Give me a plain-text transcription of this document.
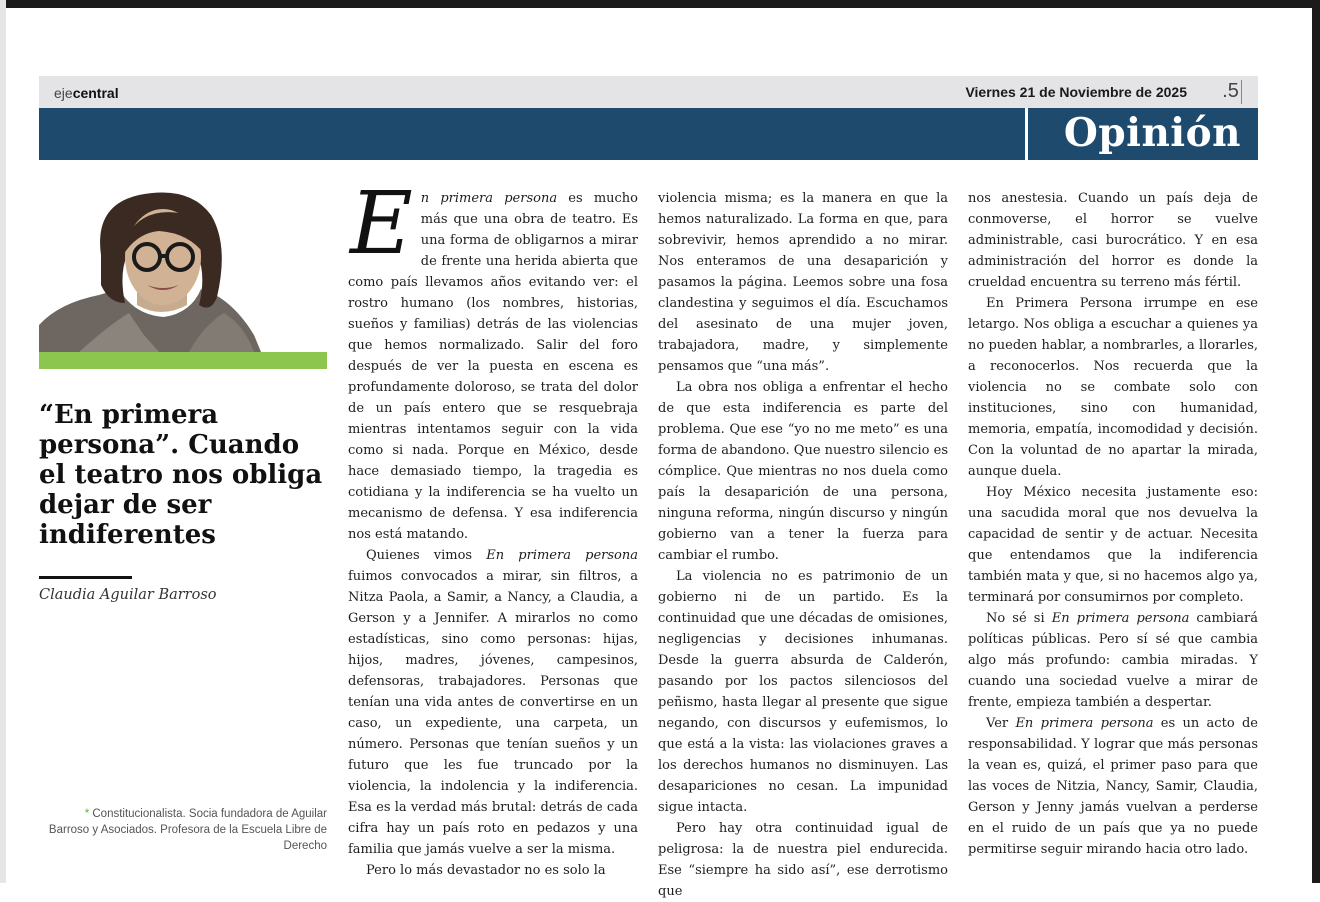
ejecentral	Viernes 21 de Noviembre de 2025	.5
Opinión
“En primera persona”. Cuando el teatro nos obliga dejar de ser indiferentes
Claudia Aguilar Barroso
* Constitucionalista. Socia fundadora de Aguilar Barroso y Asociados. Profesora de la Escuela Libre de Derecho

En primera persona es mucho más que una obra de teatro. Es una forma de obligarnos a mirar de frente una herida abierta que como país llevamos años evitando ver: el rostro humano (los nombres, historias, sueños y familias) detrás de las violencias que hemos normalizado. Salir del foro después de ver la puesta en escena es profundamente doloroso, se trata del dolor de un país entero que se resquebraja mientras intentamos seguir con la vida como si nada. Porque en México, desde hace demasiado tiempo, la tragedia es cotidiana y la indiferencia se ha vuelto un mecanismo de defensa. Y esa indiferencia nos está matando.

Quienes vimos En primera persona fuimos convocados a mirar, sin filtros, a Nitza Paola, a Samir, a Nancy, a Claudia, a Gerson y a Jennifer. A mirarlos no como estadísticas, sino como personas: hijas, hijos, madres, jóvenes, campesinos, defensoras, trabajadores. Personas que tenían una vida antes de convertirse en un caso, un expediente, una carpeta, un número. Personas que tenían sueños y un futuro que les fue truncado por la violencia, la indolencia y la indiferencia. Esa es la verdad más brutal: detrás de cada cifra hay un país roto en pedazos y una familia que jamás vuelve a ser la misma.

Pero lo más devastador no es solo la

violencia misma; es la manera en que la hemos naturalizado. La forma en que, para sobrevivir, hemos aprendido a no mirar. Nos enteramos de una desaparición y pasamos la página. Leemos sobre una fosa clandestina y seguimos el día. Escuchamos del asesinato de una mujer joven, trabajadora, madre, y simplemente pensamos que “una más”.

La obra nos obliga a enfrentar el hecho de que esta indiferencia es parte del problema. Que ese “yo no me meto” es una forma de abandono. Que nuestro silencio es cómplice. Que mientras no nos duela como país la desaparición de una persona, ninguna reforma, ningún discurso y ningún gobierno van a tener la fuerza para cambiar el rumbo.

La violencia no es patrimonio de un gobierno ni de un partido. Es la continuidad que une décadas de omisiones, negligencias y decisiones inhumanas. Desde la guerra absurda de Calderón, pasando por los pactos silenciosos del peñismo, hasta llegar al presente que sigue negando, con discursos y eufemismos, lo que está a la vista: las violaciones graves a los derechos humanos no disminuyen. Las desapariciones no cesan. La impunidad sigue intacta.

Pero hay otra continuidad igual de peligrosa: la de nuestra piel endurecida. Ese “siempre ha sido así”, ese derrotismo que

nos anestesia. Cuando un país deja de conmoverse, el horror se vuelve administrable, casi burocrático. Y en esa administración del horror es donde la crueldad encuentra su terreno más fértil.

En Primera Persona irrumpe en ese letargo. Nos obliga a escuchar a quienes ya no pueden hablar, a nombrarles, a llorarles, a reconocerlos. Nos recuerda que la violencia no se combate solo con instituciones, sino con humanidad, memoria, empatía, incomodidad y decisión. Con la voluntad de no apartar la mirada, aunque duela.

Hoy México necesita justamente eso: una sacudida moral que nos devuelva la capacidad de sentir y de actuar. Necesita que entendamos que la indiferencia también mata y que, si no hacemos algo ya, terminará por consumirnos por completo.

No sé si En primera persona cambiará políticas públicas. Pero sí sé que cambia algo más profundo: cambia miradas. Y cuando una sociedad vuelve a mirar de frente, empieza también a despertar.

Ver En primera persona es un acto de responsabilidad. Y lograr que más personas la vean es, quizá, el primer paso para que las voces de Nitzia, Nancy, Samir, Claudia, Gerson y Jenny jamás vuelvan a perderse en el ruido de un país que ya no puede permitirse seguir mirando hacia otro lado.
